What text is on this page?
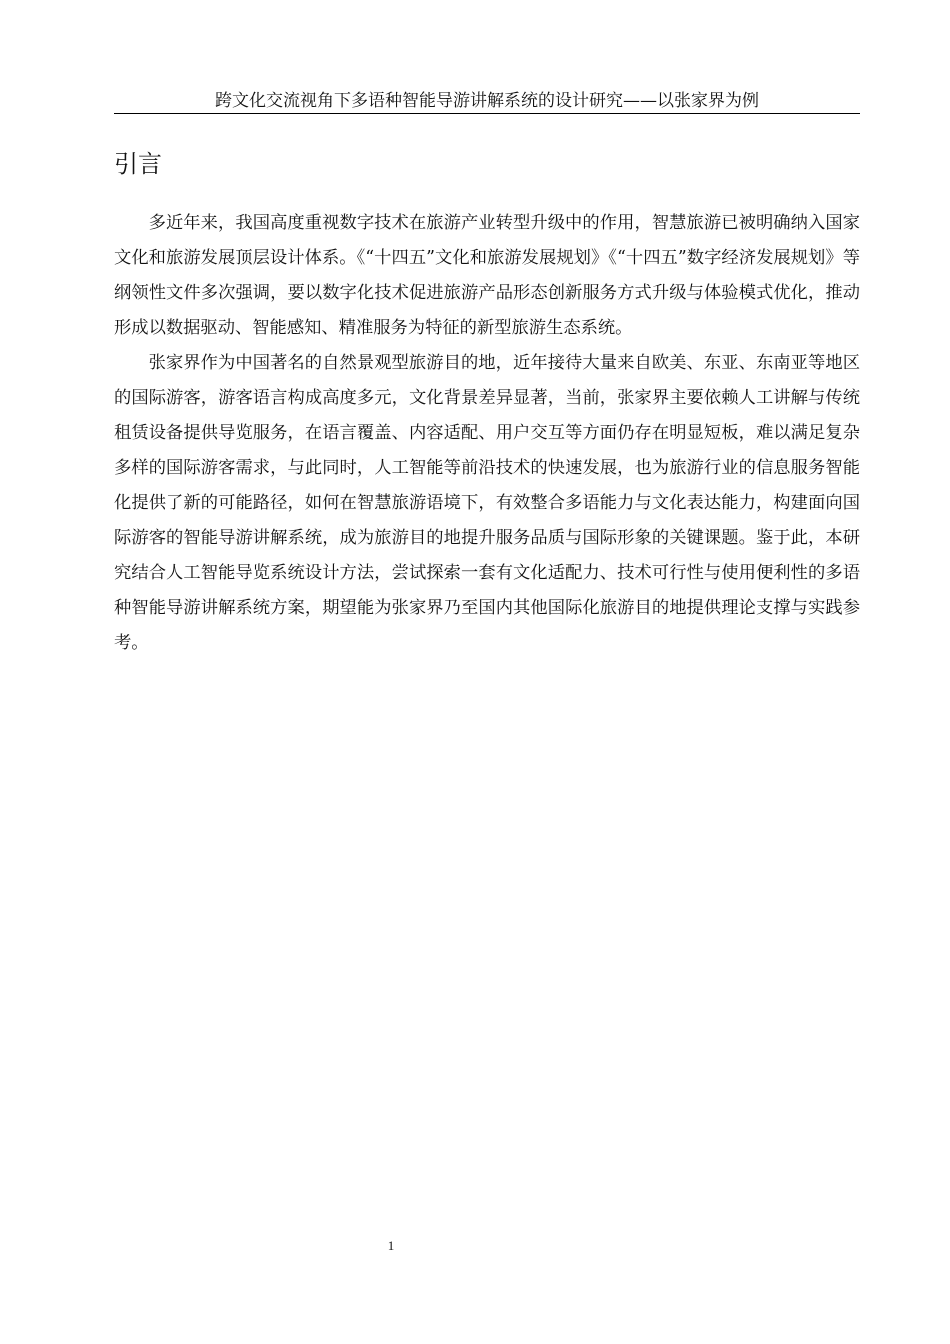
跨文化交流视角下多语种智能导游讲解系统的设计研究——以张家界为例
引言

多近年来，我国高度重视数字技术在旅游产业转型升级中的作用，智慧旅游已被明确纳入国家文化和旅游发展顶层设计体系。《“十四五”文化和旅游发展规划》《“十四五”数字经济发展规划》等纲领性文件多次强调，要以数字化技术促进旅游产品形态创新服务方式升级与体验模式优化，推动形成以数据驱动、智能感知、精准服务为特征的新型旅游生态系统。

张家界作为中国著名的自然景观型旅游目的地，近年接待大量来自欧美、东亚、东南亚等地区的国际游客，游客语言构成高度多元，文化背景差异显著，当前，张家界主要依赖人工讲解与传统租赁设备提供导览服务，在语言覆盖、内容适配、用户交互等方面仍存在明显短板，难以满足复杂多样的国际游客需求，与此同时，人工智能等前沿技术的快速发展，也为旅游行业的信息服务智能化提供了新的可能路径，如何在智慧旅游语境下，有效整合多语能力与文化表达能力，构建面向国际游客的智能导游讲解系统，成为旅游目的地提升服务品质与国际形象的关键课题。鉴于此，本研究结合人工智能导览系统设计方法，尝试探索一套有文化适配力、技术可行性与使用便利性的多语种智能导游讲解系统方案，期望能为张家界乃至国内其他国际化旅游目的地提供理论支撑与实践参考。

1
